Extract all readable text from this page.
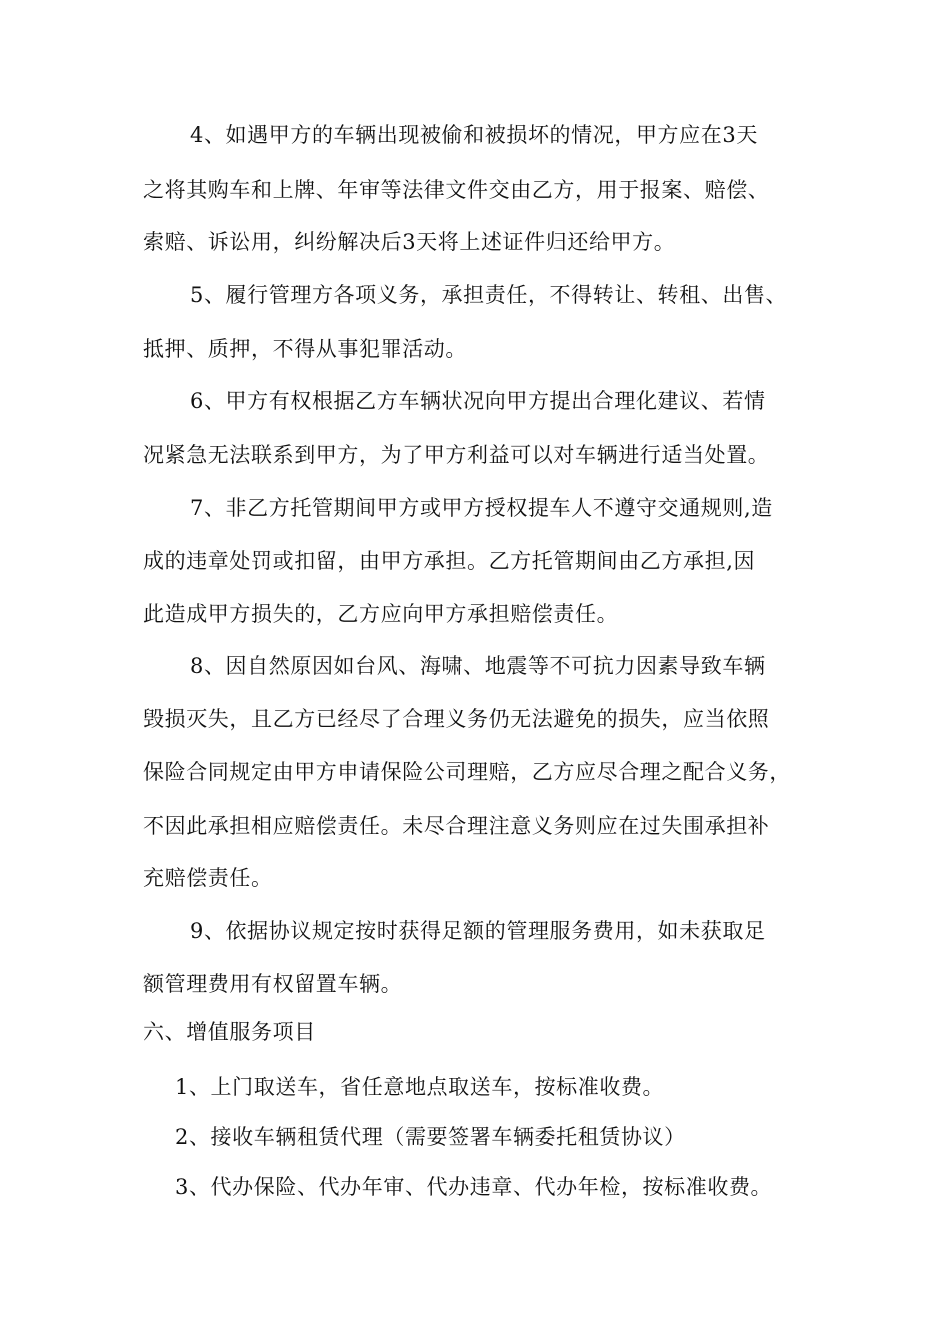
4、如遇甲方的车辆出现被偷和被损坏的情况，甲方应在3天
之将其购车和上牌、年审等法律文件交由乙方，用于报案、赔偿、
索赔、诉讼用，纠纷解决后3天将上述证件归还给甲方。
5、履行管理方各项义务，承担责任，不得转让、转租、出售、
抵押、质押，不得从事犯罪活动。
6、甲方有权根据乙方车辆状况向甲方提出合理化建议、若情
况紧急无法联系到甲方，为了甲方利益可以对车辆进行适当处置。
7、非乙方托管期间甲方或甲方授权提车人不遵守交通规则,造
成的违章处罚或扣留，由甲方承担。乙方托管期间由乙方承担,因
此造成甲方损失的，乙方应向甲方承担赔偿责任。
8、因自然原因如台风、海啸、地震等不可抗力因素导致车辆
毁损灭失，且乙方已经尽了合理义务仍无法避免的损失，应当依照
保险合同规定由甲方申请保险公司理赔，乙方应尽合理之配合义务，
不因此承担相应赔偿责任。未尽合理注意义务则应在过失围承担补
充赔偿责任。
9、依据协议规定按时获得足额的管理服务费用，如未获取足
额管理费用有权留置车辆。
六、增值服务项目
1、上门取送车，省任意地点取送车，按标准收费。
2、接收车辆租赁代理（需要签署车辆委托租赁协议）
3、代办保险、代办年审、代办违章、代办年检，按标准收费。
